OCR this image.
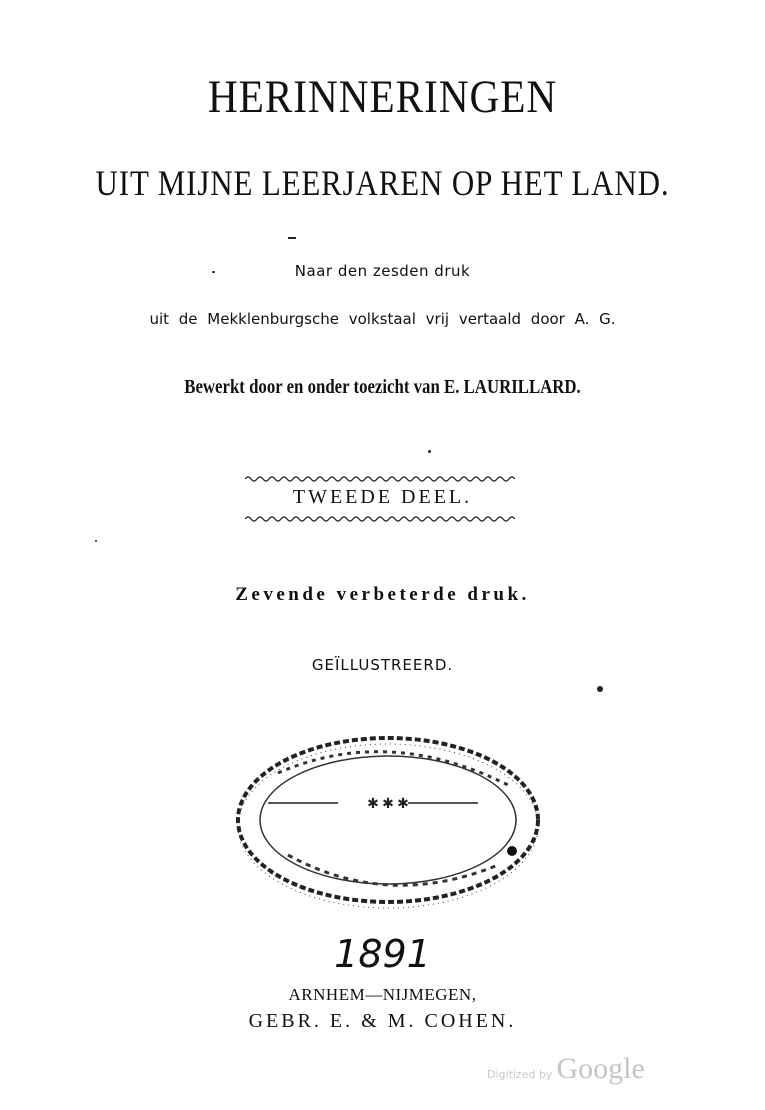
HERINNERINGEN
UIT MIJNE LEERJAREN OP HET LAND.
Naar den zesden druk
uit de Mekklenburgsche volkstaal vrij vertaald door A. G.
Bewerkt door en onder toezicht van E. LAURILLARD.
TWEEDE DEEL.
Zevende verbeterde druk.
GEÏLLUSTREERD.
✱ ✱ ✱
1891
ARNHEM—NIJMEGEN,
GEBR. E. & M. COHEN.
Digitized by Google
